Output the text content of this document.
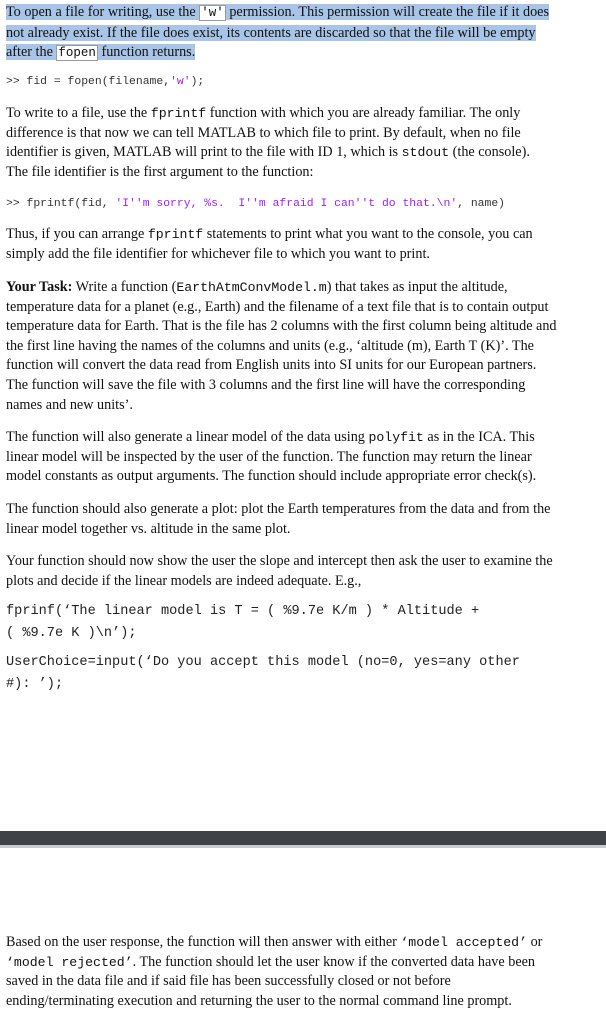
To open a file for writing, use the 'w' permission. This permission will create the file if it does
not already exist. If the file does exist, its contents are discarded so that the file will be empty
after the fopen function returns.

>> fid = fopen(filename,'w');

To write to a file, use the fprintf function with which you are already familiar. The only
difference is that now we can tell MATLAB to which file to print. By default, when no file
identifier is given, MATLAB will print to the file with ID 1, which is stdout (the console).
The file identifier is the first argument to the function:

>> fprintf(fid, 'I''m sorry, %s.  I''m afraid I can''t do that.\n', name)

Thus, if you can arrange fprintf statements to print what you want to the console, you can
simply add the file identifier for whichever file to which you want to print.

Your Task: Write a function (EarthAtmConvModel.m) that takes as input the altitude,
temperature data for a planet (e.g., Earth) and the filename of a text file that is to contain output
temperature data for Earth. That is the file has 2 columns with the first column being altitude and
the first line having the names of the columns and units (e.g., ‘altitude (m), Earth T (K)’. The
function will convert the data read from English units into SI units for our European partners.
The function will save the file with 3 columns and the first line will have the corresponding
names and new units’.

The function will also generate a linear model of the data using polyfit as in the ICA. This
linear model will be inspected by the user of the function. The function may return the linear
model constants as output arguments. The function should include appropriate error check(s).

The function should also generate a plot: plot the Earth temperatures from the data and from the
linear model together vs. altitude in the same plot.

Your function should now show the user the slope and intercept then ask the user to examine the
plots and decide if the linear models are indeed adequate. E.g.,

fprinf(‘The linear model is T = ( %9.7e K/m ) * Altitude +
( %9.7e K )\n’);
UserChoice=input(‘Do you accept this model (no=0, yes=any other
#): ’);

Based on the user response, the function will then answer with either ‘model accepted’ or
‘model rejected’. The function should let the user know if the converted data have been
saved in the data file and if said file has been successfully closed or not before
ending/terminating execution and returning the user to the normal command line prompt.
